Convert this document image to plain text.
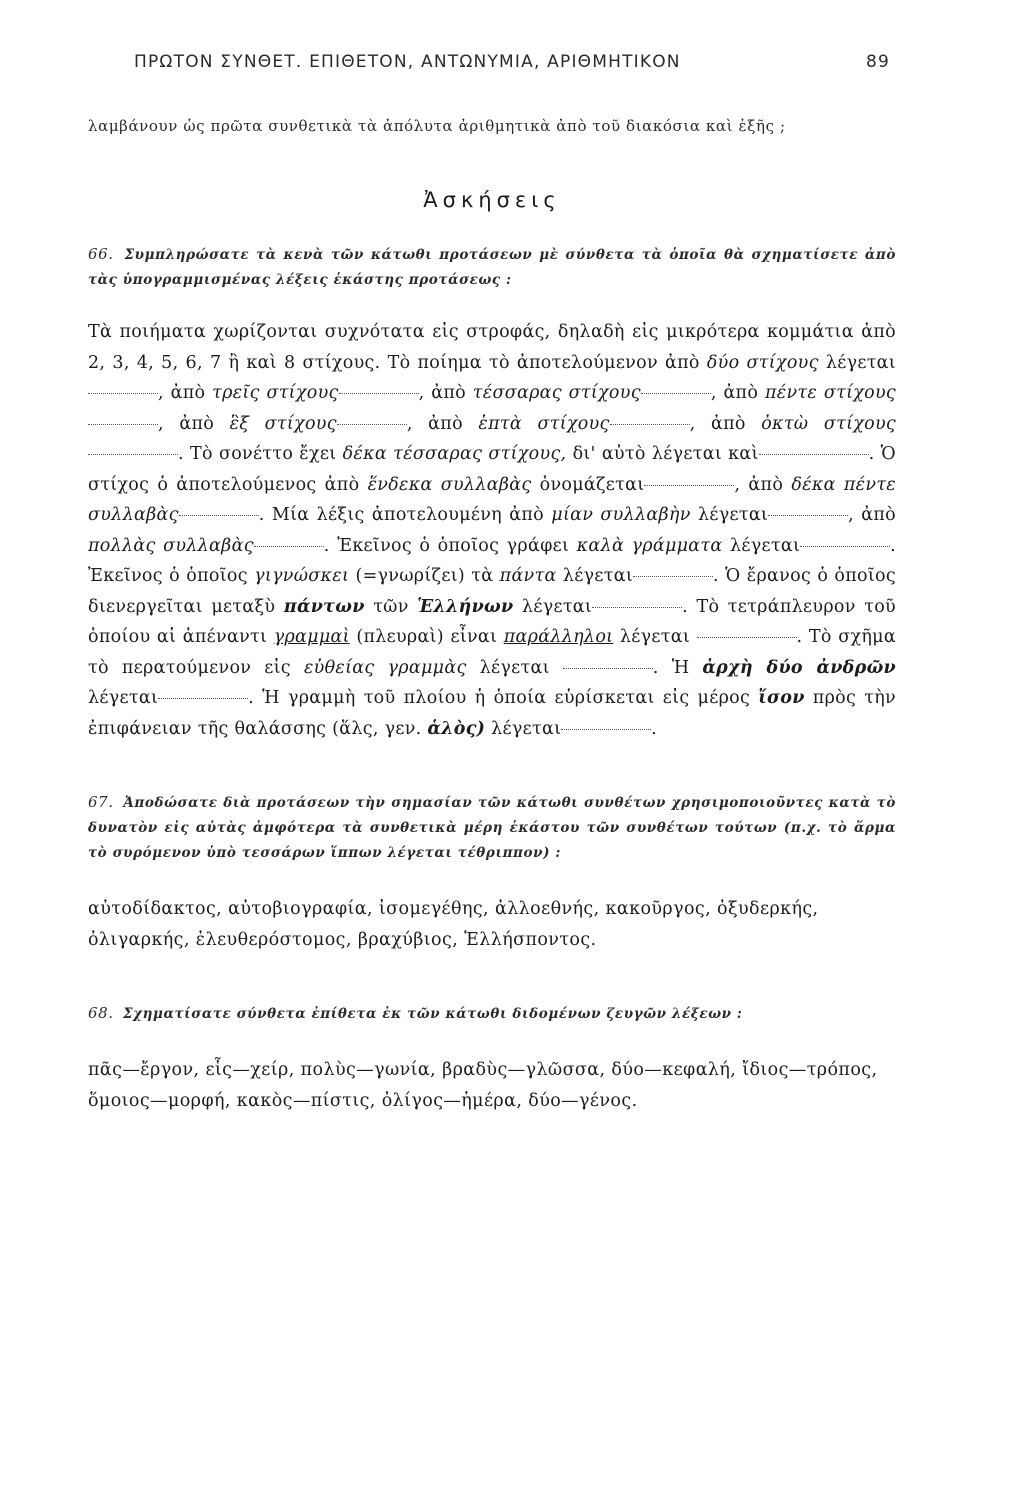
ΠΡΩΤΟΝ ΣΥΝΘΕΤ. ΕΠΙΘΕΤΟΝ, ΑΝΤΩΝΥΜΙΑ, ΑΡΙΘΜΗΤΙΚΟΝ	89
λαμβάνουν ὡς πρῶτα συνθετικὰ τὰ ἀπόλυτα ἀριθμητικὰ ἀπὸ τοῦ διακόσια καὶ ἑξῆς ;
Ἀσκήσεις
66. Συμπληρώσατε τὰ κενὰ τῶν κάτωθι προτάσεων μὲ σύνθετα τὰ ὁποῖα θὰ σχηματίσετε ἀπὸ τὰς ὑπογραμμισμένας λέξεις ἑκάστης προτάσεως :
Τὰ ποιήματα χωρίζονται συχνότατα εἰς στροφάς, δηλαδὴ εἰς μικρότερα κομμάτια ἀπὸ 2, 3, 4, 5, 6, 7 ἢ καὶ 8 στίχους. Τὸ ποίημα τὸ ἀποτελούμενον ἀπὸ δύο στίχους λέγεται, ἀπὸ τρεῖς στίχους	, ἀπὸ τέσσαρας στίχους	, ἀπὸ πέντε στίχους, ἀπὸ ἓξ στίχους	, ἀπὸ ἑπτὰ στίχους	, ἀπὸ ὀκτὼ στίχους. Τὸ σονέττο ἔχει δέκα τέσσαρας στίχους, δι' αὐτὸ λέγεται καὶ	. Ὁ στίχος ὁ ἀποτελούμενος ἀπὸ ἕνδεκα συλλαβὰς ὀνομάζεται	, ἀπὸ δέκα πέντε συλλαβὰς	. Μία λέξις ἀποτελουμένη ἀπὸ μίαν συλλαβὴν λέγεται	, ἀπὸ πολλὰς συλλαβὰς	. Ἐκεῖνος ὁ ὁποῖος γράφει καλὰ γράμματα λέγεται	. Ἐκεῖνος ὁ ὁποῖος γιγνώσκει (=γνωρίζει) τὰ πάντα λέγεται	. Ὁ ἔρανος ὁ ὁποῖος διενεργεῖται μεταξὺ πάντων τῶν Ἑλλήνων λέγεται	. Τὸ τετράπλευρον τοῦ ὁποίου αἱ ἀπέναντι γραμμαὶ (πλευραὶ) εἶναι παράλληλοι λέγεται	. Τὸ σχῆμα τὸ περατούμενον εἰς εὐθείας γραμμὰς λέγεται	. Ἡ ἀρχὴ δύο ἀνδρῶν λέγεται	. Ἡ γραμμὴ τοῦ πλοίου ἡ ὁποία εὑρίσκεται εἰς μέρος ἴσον πρὸς τὴν ἐπιφάνειαν τῆς θαλάσσης (ἅλς, γεν. ἁλὸς) λέγεται	.
67. Ἀποδώσατε διὰ προτάσεων τὴν σημασίαν τῶν κάτωθι συνθέτων χρησιμοποιοῦντες κατὰ τὸ δυνατὸν εἰς αὐτὰς ἀμφότερα τὰ συνθετικὰ μέρη ἑκάστου τῶν συνθέτων τούτων (π.χ. τὸ ἅρμα τὸ συρόμενον ὑπὸ τεσσάρων ἵππων λέγεται τέθριππον) :
αὐτοδίδακτος, αὐτοβιογραφία, ἰσομεγέθης, ἀλλοεθνής, κακοῦργος, ὀξυδερκής, ὀλιγαρκής, ἐλευθερόστομος, βραχύβιος, Ἑλλήσποντος.
68. Σχηματίσατε σύνθετα ἐπίθετα ἐκ τῶν κάτωθι διδομένων ζευγῶν λέξεων :
πᾶς—ἔργον, εἷς—χείρ, πολὺς—γωνία, βραδὺς—γλῶσσα, δύο—κεφαλή, ἴδιος—τρόπος, ὅμοιος—μορφή, κακὸς—πίστις, ὀλίγος—ἡμέρα, δύο—γένος.
